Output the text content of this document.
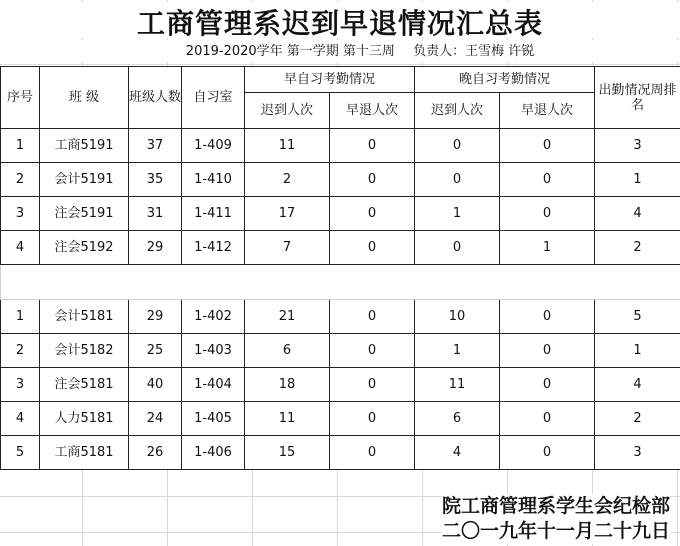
工商管理系迟到早退情况汇总表
2019-2020学年 第一学期 第十三周 负责人：王雪梅 许锐
序号	班 级	班级人数	自习室	早自习考勤情况		晚自习考勤情况		出勤情况周排名
				迟到人次	早退人次	迟到人次	早退人次	
1	工商5191	37	1-409	11	0	0	0	3
2	会计5191	35	1-410	2	0	0	0	1
3	注会5191	31	1-411	17	0	1	0	4
4	注会5192	29	1-412	7	0	0	1	2

1	会计5181	29	1-402	21	0	10	0	5
2	会计5182	25	1-403	6	0	1	0	1
3	注会5181	40	1-404	18	0	11	0	4
4	人力5181	24	1-405	11	0	6	0	2
5	工商5181	26	1-406	15	0	4	0	3
院工商管理系学生会纪检部
二〇一九年十一月二十九日
